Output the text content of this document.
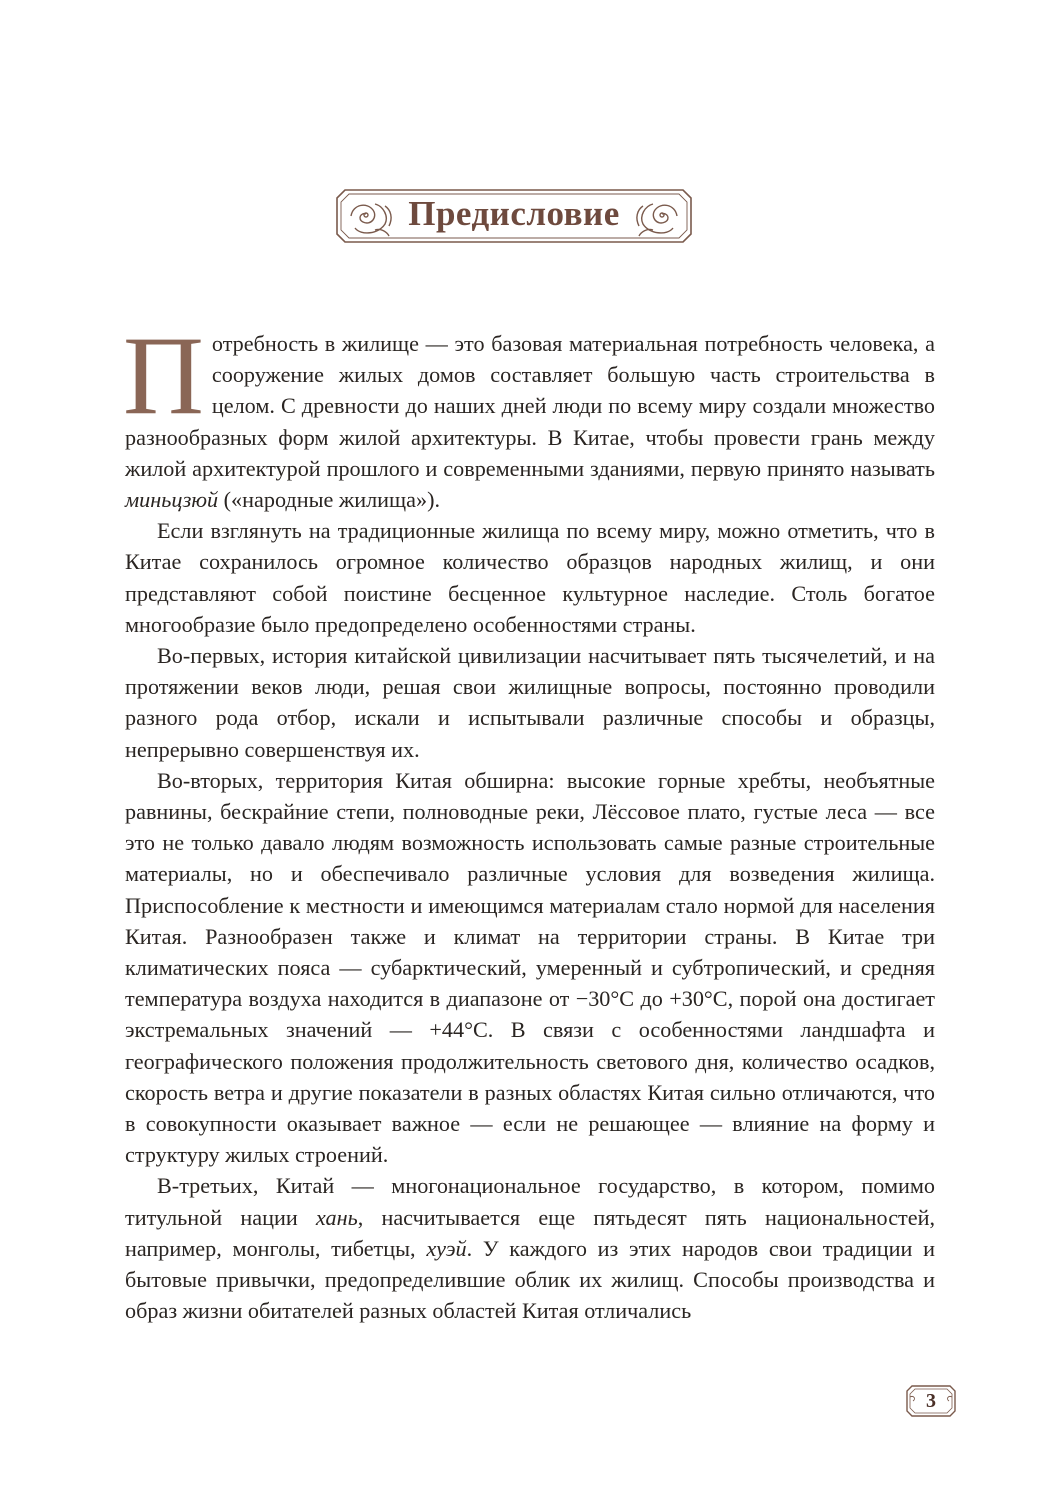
Предисловие

Потребность в жилище — это базовая материальная потребность человека, а сооружение жилых домов составляет большую часть строительства в целом. С древности до наших дней люди по всему миру создали множество разнообразных форм жилой архитектуры. В Китае, чтобы провести грань между жилой архитектурой прошлого и современными зданиями, первую принято называть миньцзюй («народные жилища»).

Если взглянуть на традиционные жилища по всему миру, можно отметить, что в Китае сохранилось огромное количество образцов народных жилищ, и они представляют собой поистине бесценное культурное наследие. Столь богатое многообразие было предопределено особенностями страны.

Во-первых, история китайской цивилизации насчитывает пять тысячелетий, и на протяжении веков люди, решая свои жилищные вопросы, постоянно проводили разного рода отбор, искали и испытывали различные способы и образцы, непрерывно совершенствуя их.

Во-вторых, территория Китая обширна: высокие горные хребты, необъятные равнины, бескрайние степи, полноводные реки, Лёссовое плато, густые леса — все это не только давало людям возможность использовать самые разные строительные материалы, но и обеспечивало различные условия для возведения жилища. Приспособление к местности и имеющимся материалам стало нормой для населения Китая. Разнообразен также и климат на территории страны. В Китае три климатических пояса — субарктический, умеренный и субтропический, и средняя температура воздуха находится в диапазоне от −30°C до +30°C, порой она достигает экстремальных значений — +44°C. В связи с особенностями ландшафта и географического положения продолжительность светового дня, количество осадков, скорость ветра и другие показатели в разных областях Китая сильно отличаются, что в совокупности оказывает важное — если не решающее — влияние на форму и структуру жилых строений.

В-третьих, Китай — многонациональное государство, в котором, помимо титульной нации хань, насчитывается еще пятьдесят пять национальностей, например, монголы, тибетцы, хуэй. У каждого из этих народов свои традиции и бытовые привычки, предопределившие облик их жилищ. Способы производства и образ жизни обитателей разных областей Китая отличались

3
